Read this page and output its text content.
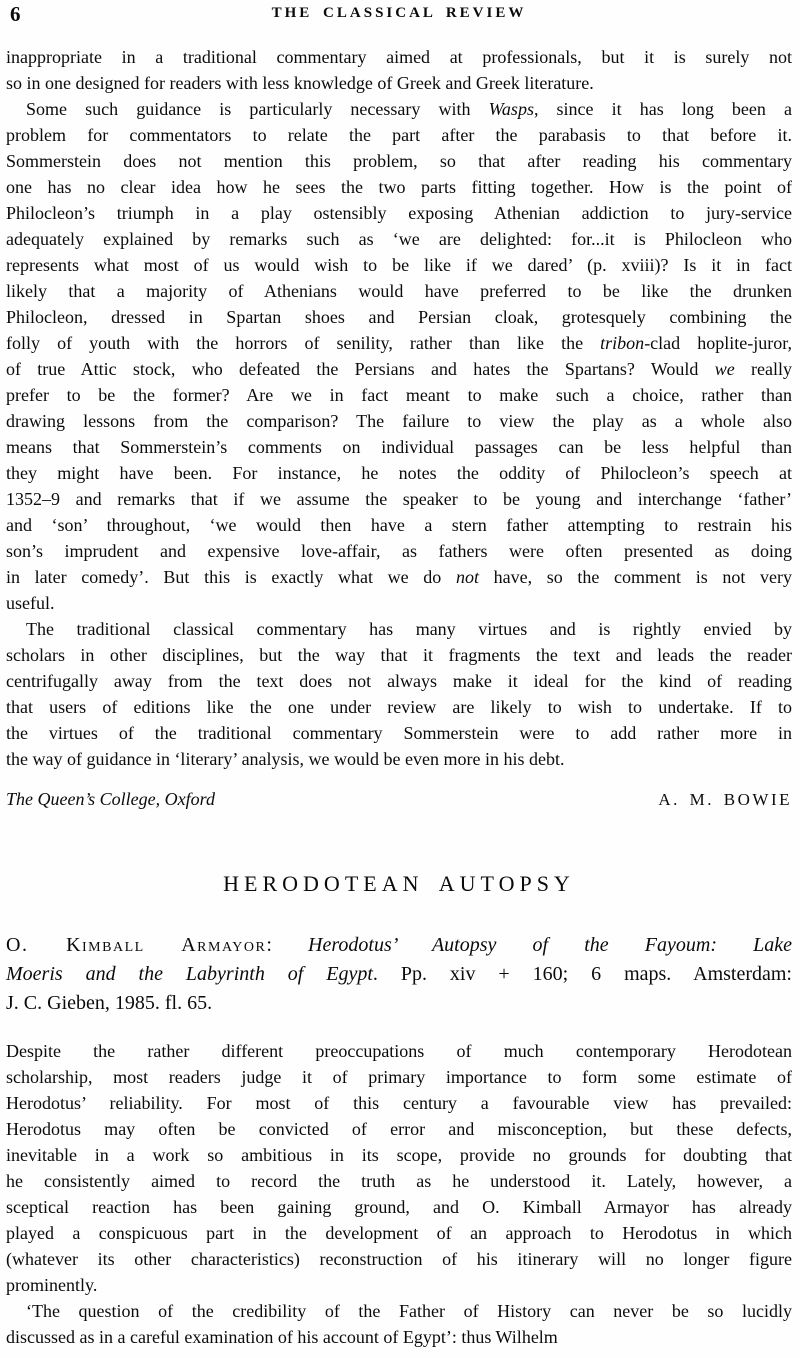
6	THE CLASSICAL REVIEW
inappropriate in a traditional commentary aimed at professionals, but it is surely not
so in one designed for readers with less knowledge of Greek and Greek literature.
Some such guidance is particularly necessary with Wasps, since it has long been a
problem for commentators to relate the part after the parabasis to that before it.
Sommerstein does not mention this problem, so that after reading his commentary
one has no clear idea how he sees the two parts fitting together. How is the point of
Philocleon’s triumph in a play ostensibly exposing Athenian addiction to jury-service
adequately explained by remarks such as ‘we are delighted: for...it is Philocleon who
represents what most of us would wish to be like if we dared’ (p. xviii)? Is it in fact
likely that a majority of Athenians would have preferred to be like the drunken
Philocleon, dressed in Spartan shoes and Persian cloak, grotesquely combining the
folly of youth with the horrors of senility, rather than like the tribon-clad hoplite-juror,
of true Attic stock, who defeated the Persians and hates the Spartans? Would we really
prefer to be the former? Are we in fact meant to make such a choice, rather than
drawing lessons from the comparison? The failure to view the play as a whole also
means that Sommerstein’s comments on individual passages can be less helpful than
they might have been. For instance, he notes the oddity of Philocleon’s speech at
1352–9 and remarks that if we assume the speaker to be young and interchange ‘father’
and ‘son’ throughout, ‘we would then have a stern father attempting to restrain his
son’s imprudent and expensive love-affair, as fathers were often presented as doing
in later comedy’. But this is exactly what we do not have, so the comment is not very
useful.
The traditional classical commentary has many virtues and is rightly envied by
scholars in other disciplines, but the way that it fragments the text and leads the reader
centrifugally away from the text does not always make it ideal for the kind of reading
that users of editions like the one under review are likely to wish to undertake. If to
the virtues of the traditional commentary Sommerstein were to add rather more in
the way of guidance in ‘literary’ analysis, we would be even more in his debt.
The Queen’s College, Oxford	A. M. BOWIE
HERODOTEAN AUTOPSY
O. Kimball Armayor: Herodotus’ Autopsy of the Fayoum: Lake
Moeris and the Labyrinth of Egypt. Pp. xiv + 160; 6 maps. Amsterdam:
J. C. Gieben, 1985. fl. 65.
Despite the rather different preoccupations of much contemporary Herodotean
scholarship, most readers judge it of primary importance to form some estimate of
Herodotus’ reliability. For most of this century a favourable view has prevailed:
Herodotus may often be convicted of error and misconception, but these defects,
inevitable in a work so ambitious in its scope, provide no grounds for doubting that
he consistently aimed to record the truth as he understood it. Lately, however, a
sceptical reaction has been gaining ground, and O. Kimball Armayor has already
played a conspicuous part in the development of an approach to Herodotus in which
(whatever its other characteristics) reconstruction of his itinerary will no longer figure
prominently.
‘The question of the credibility of the Father of History can never be so lucidly
discussed as in a careful examination of his account of Egypt’: thus Wilhelm
